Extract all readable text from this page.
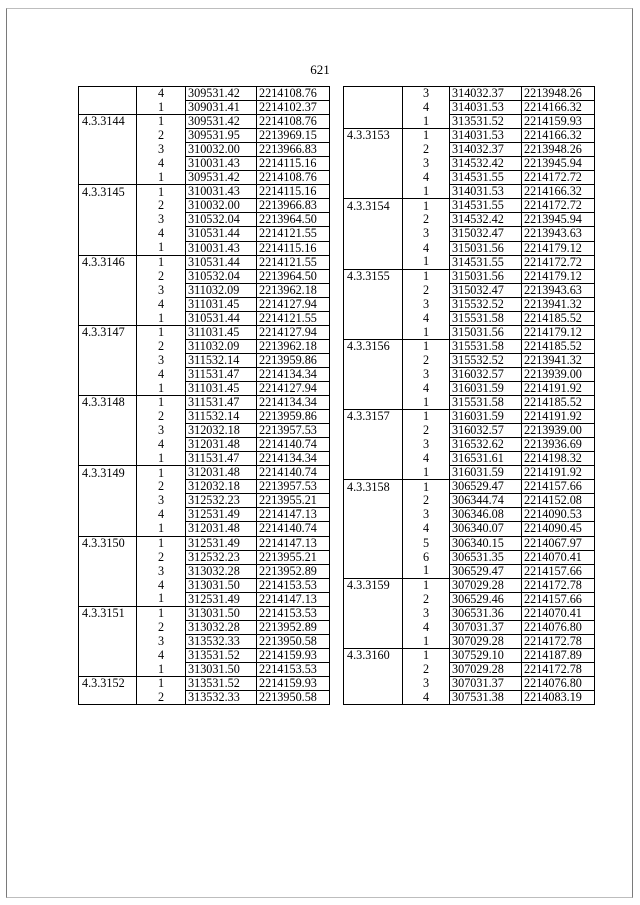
621
	4	309531.42	2214108.76
	1	309031.41	2214102.37
4.3.3144	1	309531.42	2214108.76
	2	309531.95	2213969.15
	3	310032.00	2213966.83
	4	310031.43	2214115.16
	1	309531.42	2214108.76
4.3.3145	1	310031.43	2214115.16
	2	310032.00	2213966.83
	3	310532.04	2213964.50
	4	310531.44	2214121.55
	1	310031.43	2214115.16
4.3.3146	1	310531.44	2214121.55
	2	310532.04	2213964.50
	3	311032.09	2213962.18
	4	311031.45	2214127.94
	1	310531.44	2214121.55
4.3.3147	1	311031.45	2214127.94
	2	311032.09	2213962.18
	3	311532.14	2213959.86
	4	311531.47	2214134.34
	1	311031.45	2214127.94
4.3.3148	1	311531.47	2214134.34
	2	311532.14	2213959.86
	3	312032.18	2213957.53
	4	312031.48	2214140.74
	1	311531.47	2214134.34
4.3.3149	1	312031.48	2214140.74
	2	312032.18	2213957.53
	3	312532.23	2213955.21
	4	312531.49	2214147.13
	1	312031.48	2214140.74
4.3.3150	1	312531.49	2214147.13
	2	312532.23	2213955.21
	3	313032.28	2213952.89
	4	313031.50	2214153.53
	1	312531.49	2214147.13
4.3.3151	1	313031.50	2214153.53
	2	313032.28	2213952.89
	3	313532.33	2213950.58
	4	313531.52	2214159.93
	1	313031.50	2214153.53
4.3.3152	1	313531.52	2214159.93
	2	313532.33	2213950.58
	3	314032.37	2213948.26
	4	314031.53	2214166.32
	1	313531.52	2214159.93
4.3.3153	1	314031.53	2214166.32
	2	314032.37	2213948.26
	3	314532.42	2213945.94
	4	314531.55	2214172.72
	1	314031.53	2214166.32
4.3.3154	1	314531.55	2214172.72
	2	314532.42	2213945.94
	3	315032.47	2213943.63
	4	315031.56	2214179.12
	1	314531.55	2214172.72
4.3.3155	1	315031.56	2214179.12
	2	315032.47	2213943.63
	3	315532.52	2213941.32
	4	315531.58	2214185.52
	1	315031.56	2214179.12
4.3.3156	1	315531.58	2214185.52
	2	315532.52	2213941.32
	3	316032.57	2213939.00
	4	316031.59	2214191.92
	1	315531.58	2214185.52
4.3.3157	1	316031.59	2214191.92
	2	316032.57	2213939.00
	3	316532.62	2213936.69
	4	316531.61	2214198.32
	1	316031.59	2214191.92
4.3.3158	1	306529.47	2214157.66
	2	306344.74	2214152.08
	3	306346.08	2214090.53
	4	306340.07	2214090.45
	5	306340.15	2214067.97
	6	306531.35	2214070.41
	1	306529.47	2214157.66
4.3.3159	1	307029.28	2214172.78
	2	306529.46	2214157.66
	3	306531.36	2214070.41
	4	307031.37	2214076.80
	1	307029.28	2214172.78
4.3.3160	1	307529.10	2214187.89
	2	307029.28	2214172.78
	3	307031.37	2214076.80
	4	307531.38	2214083.19
